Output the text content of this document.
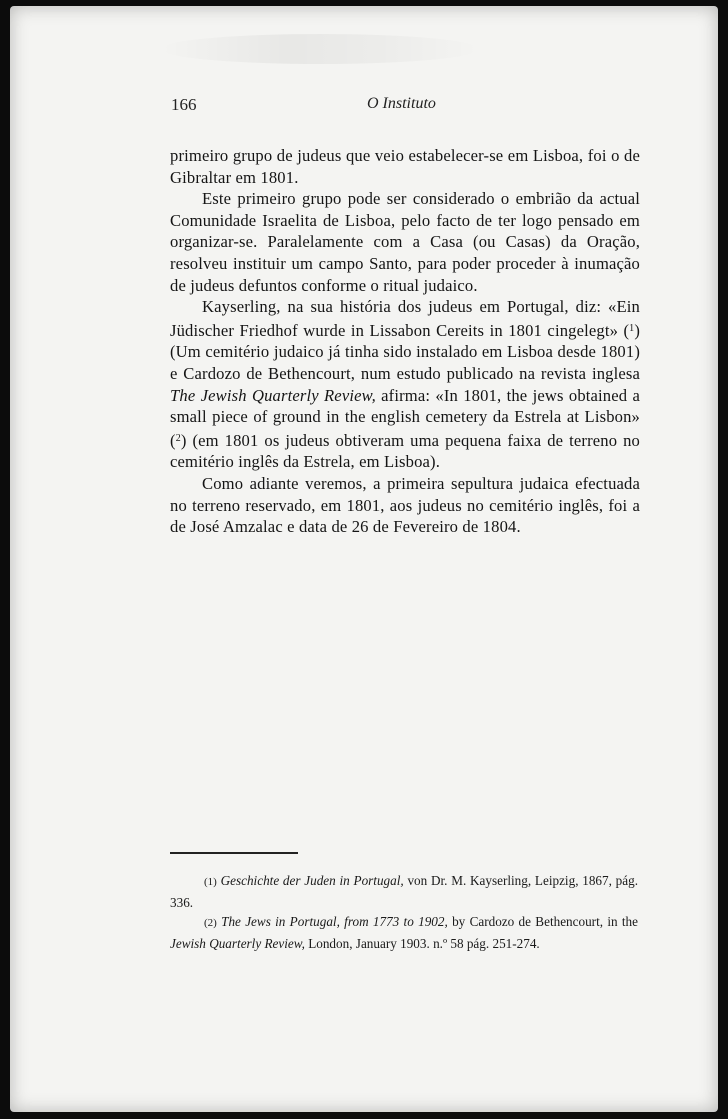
166	O Instituto

primeiro grupo de judeus que veio estabelecer-se em Lisboa, foi o de Gibraltar em 1801.

Este primeiro grupo pode ser considerado o embrião da actual Comunidade Israelita de Lisboa, pelo facto de ter logo pensado em organizar-se. Paralelamente com a Casa (ou Casas) da Oração, resolveu instituir um campo Santo, para poder proceder à inumação de judeus defuntos conforme o ritual judaico.

Kayserling, na sua história dos judeus em Portugal, diz: «Ein Jüdischer Friedhof wurde in Lissabon Cereits in 1801 cingelegt» ($^1$) (Um cemitério judaico já tinha sido instalado em Lisboa desde 1801) e Cardozo de Bethencourt, num estudo publicado na revista inglesa The Jewish Quarterly Review, afirma: «In 1801, the jews obtained a small piece of ground in the english cemetery da Estrela at Lisbon» ($^2$) (em 1801 os judeus obtiveram uma pequena faixa de terreno no cemitério inglês da Estrela, em Lisboa).

Como adiante veremos, a primeira sepultura judaica efectuada no terreno reservado, em 1801, aos judeus no cemitério inglês, foi a de José Amzalac e data de 26 de Fevereiro de 1804.

(1) Geschichte der Juden in Portugal, von Dr. M. Kayserling, Leipzig, 1867, pág. 336.

(2) The Jews in Portugal, from 1773 to 1902, by Cardozo de Bethencourt, in the Jewish Quarterly Review, London, January 1903. n.º 58 pág. 251-274.
